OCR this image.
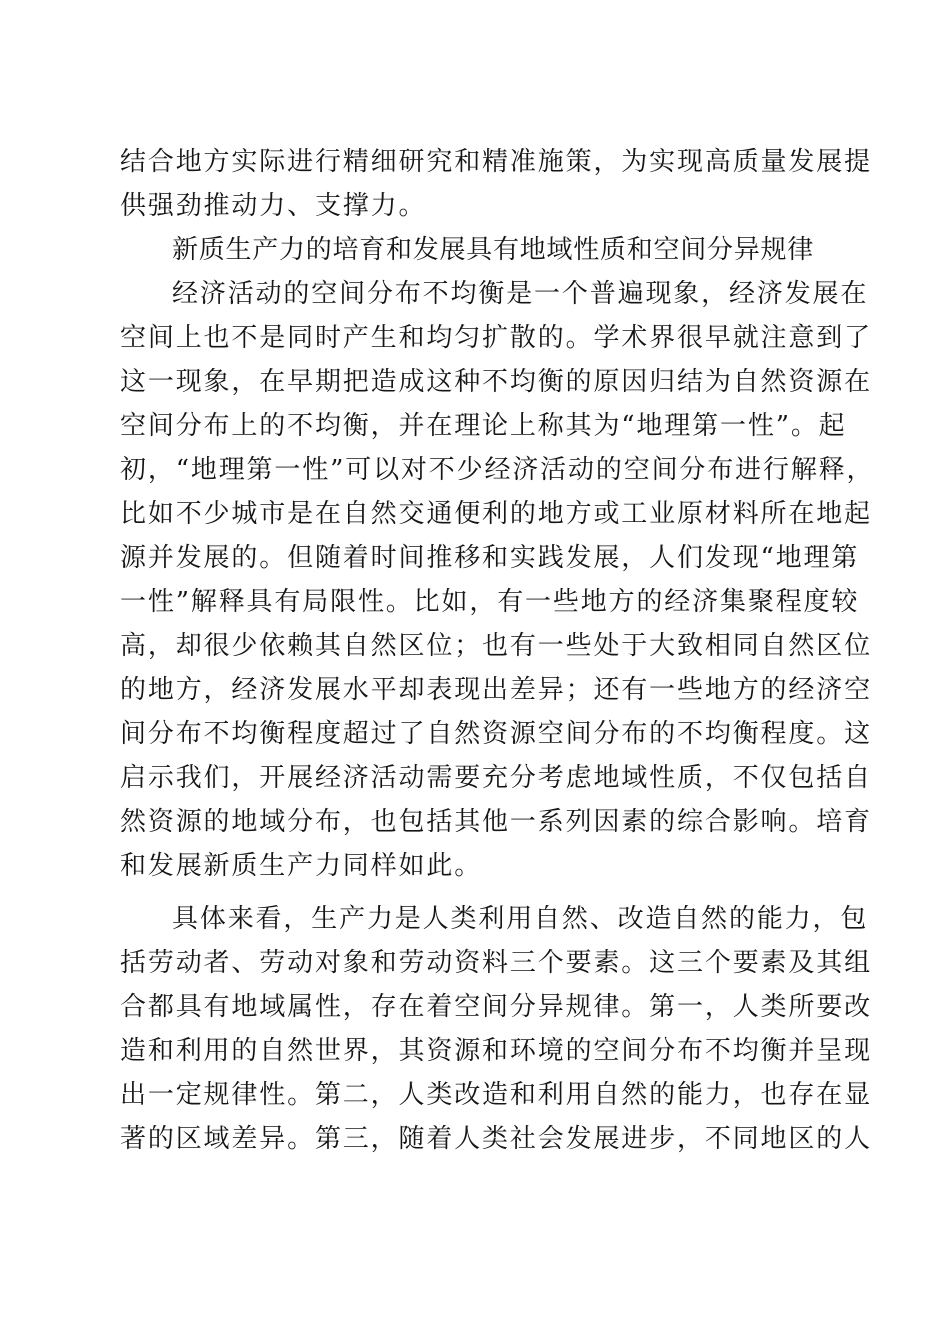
结合地方实际进行精细研究和精准施策，为实现高质量发展提
供强劲推动力、支撑力。
新质生产力的培育和发展具有地域性质和空间分异规律
经济活动的空间分布不均衡是一个普遍现象，经济发展在
空间上也不是同时产生和均匀扩散的。学术界很早就注意到了
这一现象，在早期把造成这种不均衡的原因归结为自然资源在
空间分布上的不均衡，并在理论上称其为“地理第一性”。起
初，“地理第一性”可以对不少经济活动的空间分布进行解释，
比如不少城市是在自然交通便利的地方或工业原材料所在地起
源并发展的。但随着时间推移和实践发展，人们发现“地理第
一性”解释具有局限性。比如，有一些地方的经济集聚程度较
高，却很少依赖其自然区位；也有一些处于大致相同自然区位
的地方，经济发展水平却表现出差异；还有一些地方的经济空
间分布不均衡程度超过了自然资源空间分布的不均衡程度。这
启示我们，开展经济活动需要充分考虑地域性质，不仅包括自
然资源的地域分布，也包括其他一系列因素的综合影响。培育
和发展新质生产力同样如此。
具体来看，生产力是人类利用自然、改造自然的能力，包
括劳动者、劳动对象和劳动资料三个要素。这三个要素及其组
合都具有地域属性，存在着空间分异规律。第一，人类所要改
造和利用的自然世界，其资源和环境的空间分布不均衡并呈现
出一定规律性。第二，人类改造和利用自然的能力，也存在显
著的区域差异。第三，随着人类社会发展进步，不同地区的人
